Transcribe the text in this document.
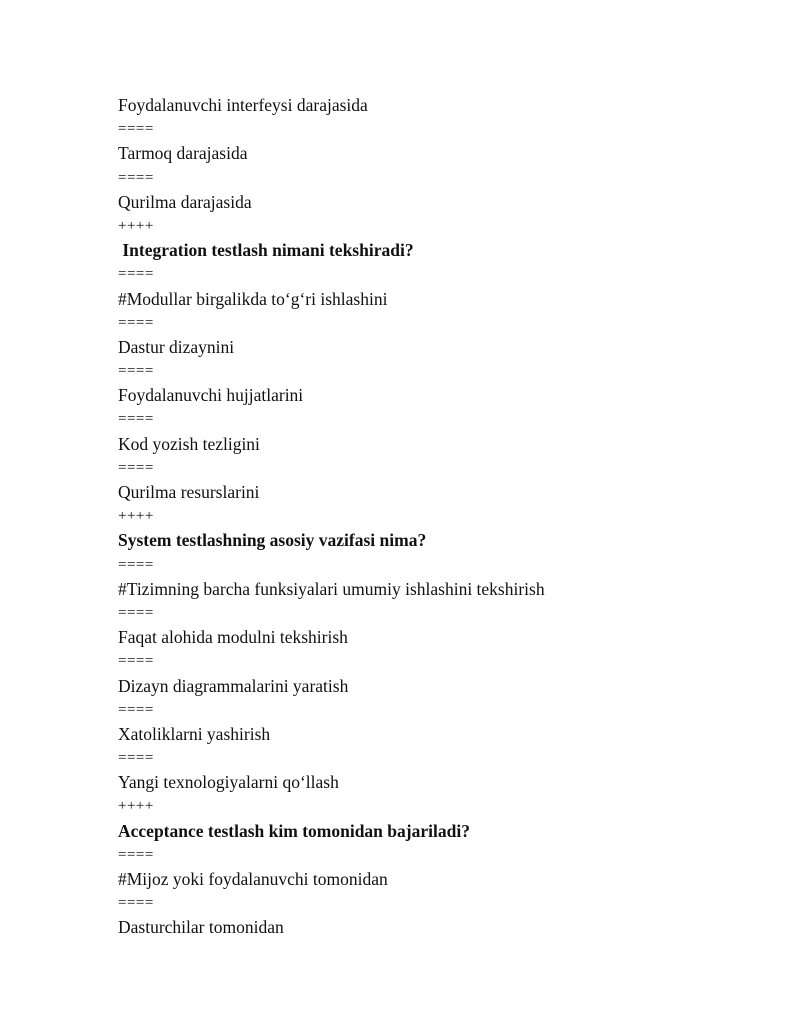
Foydalanuvchi interfeysi darajasida
====
Tarmoq darajasida
====
Qurilma darajasida
++++
Integration testlash nimani tekshiradi?
====
#Modullar birgalikda to‘g‘ri ishlashini
====
Dastur dizaynini
====
Foydalanuvchi hujjatlarini
====
Kod yozish tezligini
====
Qurilma resurslarini
++++
System testlashning asosiy vazifasi nima?
====
#Tizimning barcha funksiyalari umumiy ishlashini tekshirish
====
Faqat alohida modulni tekshirish
====
Dizayn diagrammalarini yaratish
====
Xatoliklarni yashirish
====
Yangi texnologiyalarni qo‘llash
++++
Acceptance testlash kim tomonidan bajariladi?
====
#Mijoz yoki foydalanuvchi tomonidan
====
Dasturchilar tomonidan
